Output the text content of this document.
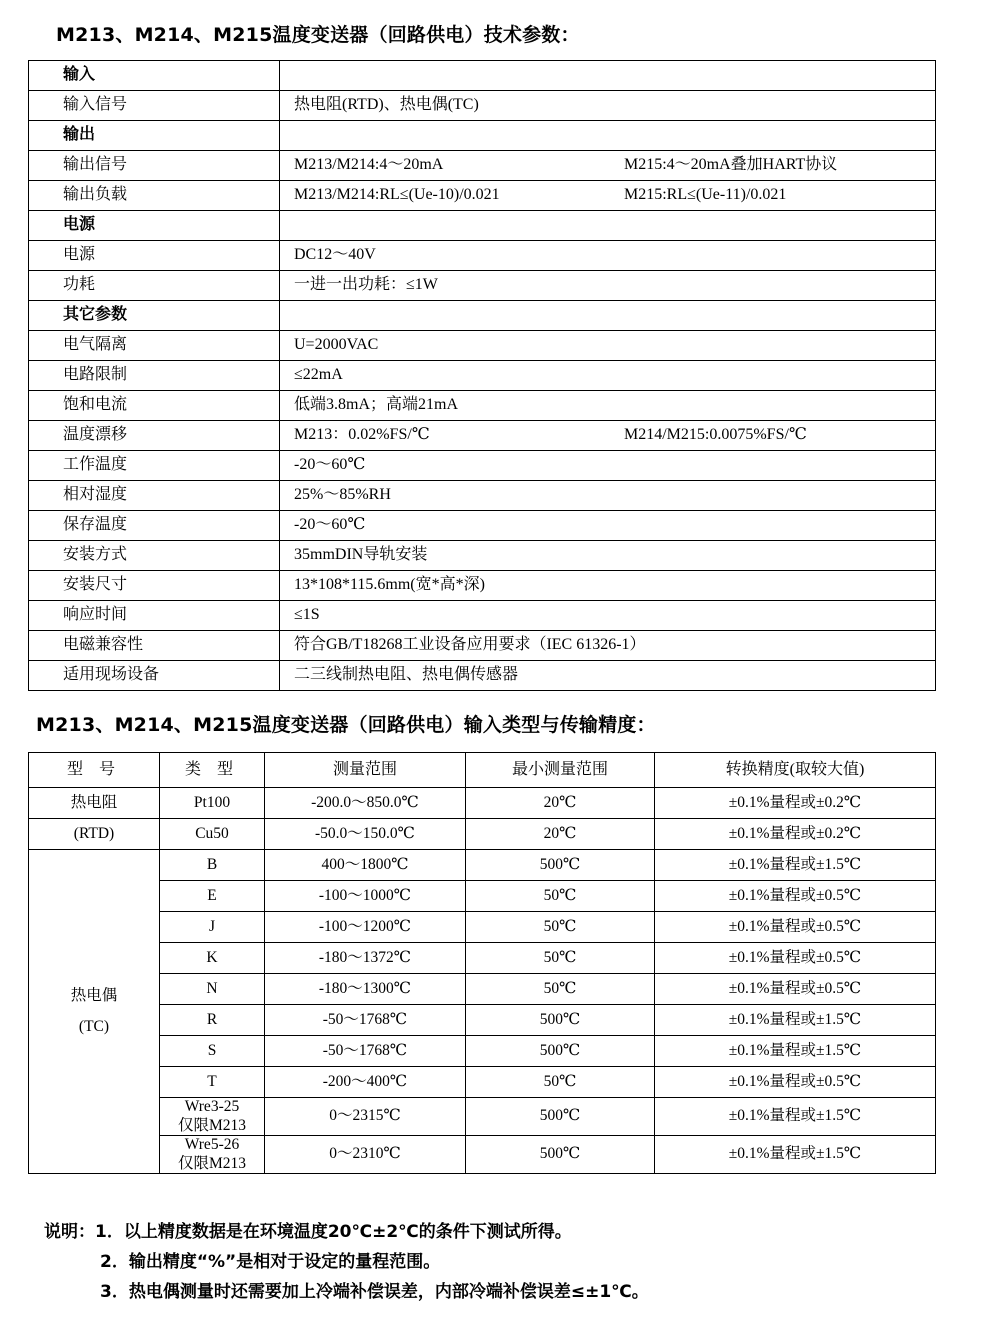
M213、M214、M215温度变送器（回路供电）技术参数：
输入	
输入信号	热电阻(RTD)、热电偶(TC)
输出	
输出信号	M213/M214:4～20mA M215:4～20mA叠加HART协议

输出负载	M213/M214:RL≤(Ue-10)/0.021 M215:RL≤(Ue-11)/0.021

电源	
电源	DC12～40V
功耗	一进一出功耗：≤1W
其它参数	
电气隔离	U=2000VAC
电路限制	≤22mA
饱和电流	低端3.8mA；高端21mA
温度漂移	M213：0.02%FS/℃ M214/M215:0.0075%FS/℃

工作温度	-20～60℃
相对湿度	25%～85%RH
保存温度	-20～60℃
安装方式	35mmDIN导轨安装
安装尺寸	13*108*115.6mm(宽*高*深)
响应时间	≤1S
电磁兼容性	符合GB/T18268工业设备应用要求（IEC 61326-1）
适用现场设备	二三线制热电阻、热电偶传感器
M213、M214、M215温度变送器（回路供电）输入类型与传输精度：
型 号	类 型	测量范围	最小测量范围	转换精度(取较大值)
热电阻	Pt100	-200.0～850.0℃	20℃	±0.1%量程或±0.2℃
(RTD)	Cu50	-50.0～150.0℃	20℃	±0.1%量程或±0.2℃

热电偶
(TC)	B	400～1800℃	500℃	±0.1%量程或±1.5℃
	E	-100～1000℃	50℃	±0.1%量程或±0.5℃
	J	-100～1200℃	50℃	±0.1%量程或±0.5℃
	K	-180～1372℃	50℃	±0.1%量程或±0.5℃
	N	-180～1300℃	50℃	±0.1%量程或±0.5℃
	R	-50～1768℃	500℃	±0.1%量程或±1.5℃
	S	-50～1768℃	500℃	±0.1%量程或±1.5℃
	T	-200～400℃	50℃	±0.1%量程或±0.5℃

	Wre3-25
仅限M213	0～2315℃	500℃	±0.1%量程或±1.5℃

	Wre5-26
仅限M213	0～2310℃	500℃	±0.1%量程或±1.5℃
说明：1．以上精度数据是在环境温度20℃±2℃的条件下测试所得。
2．输出精度“%”是相对于设定的量程范围。
3．热电偶测量时还需要加上冷端补偿误差，内部冷端补偿误差≤±1℃。
